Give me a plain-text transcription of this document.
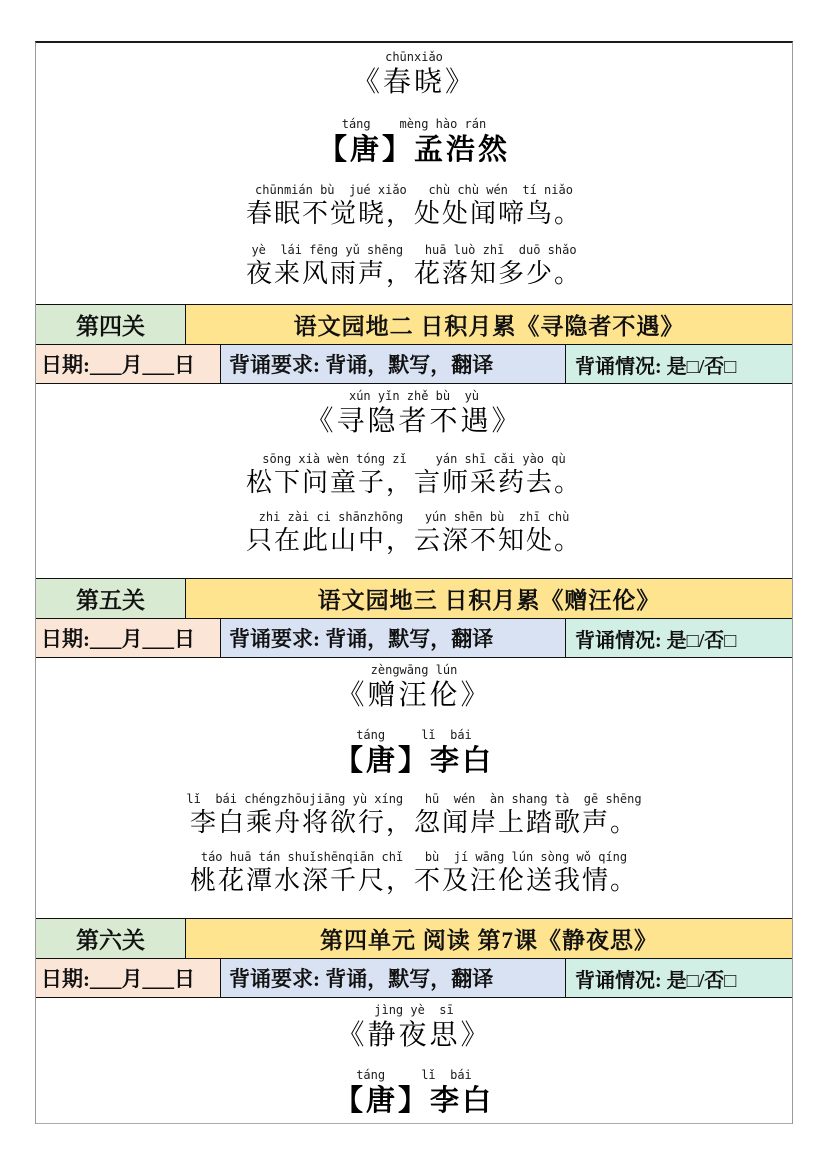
chūnxiǎo
《春晓》
táng    mèng hào rán
【唐】孟浩然
chūnmián bù  jué xiǎo   chù chù wén  tí niǎo
春眠不觉晓，处处闻啼鸟。
yè  lái fēng yǔ shēng   huā luò zhī  duō shǎo
夜来风雨声，花落知多少。
第四关	语文园地二 日积月累《寻隐者不遇》
日期:___月___日	背诵要求: 背诵，默写，翻译	背诵情况: 是□/否□
xún yǐn zhě bù  yù
《寻隐者不遇》
sōng xià wèn tóng zǐ    yán shī cǎi yào qù
松下问童子，言师采药去。
zhi zài ci shānzhōng   yún shēn bù  zhī chù
只在此山中，云深不知处。
第五关	语文园地三 日积月累《赠汪伦》
日期:___月___日	背诵要求: 背诵，默写，翻译	背诵情况: 是□/否□
zèngwāng lún
《赠汪伦》
táng     lǐ  bái
【唐】李白
lǐ  bái chéngzhōujiāng yù xíng   hū  wén  àn shang tà  gē shēng
李白乘舟将欲行，忽闻岸上踏歌声。
táo huā tán shuǐshēnqiān chǐ   bù  jí wāng lún sòng wǒ qíng
桃花潭水深千尺，不及汪伦送我情。
第六关	第四单元 阅读 第7课《静夜思》
日期:___月___日	背诵要求: 背诵，默写，翻译	背诵情况: 是□/否□
jìng yè  sī
《静夜思》
táng     lǐ  bái
【唐】李白
